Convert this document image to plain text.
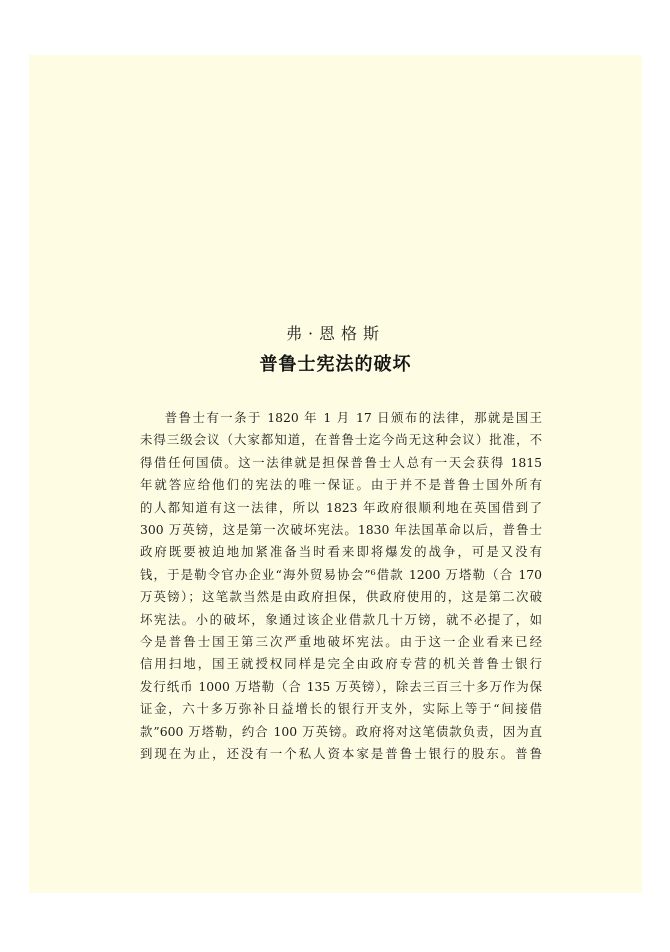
弗·恩格斯
普鲁士宪法的破坏
普鲁士有一条于 1820 年 1 月 17 日颁布的法律，那就是国王
未得三级会议（大家都知道，在普鲁士迄今尚无这种会议）批准，不
得借任何国债。这一法律就是担保普鲁士人总有一天会获得 1815
年就答应给他们的宪法的唯一保证。由于并不是普鲁士国外所有
的人都知道有这一法律，所以 1823 年政府很顺利地在英国借到了
300 万英镑，这是第一次破坏宪法。1830 年法国革命以后，普鲁士
政府既要被迫地加紧准备当时看来即将爆发的战争，可是又没有
钱，于是勒令官办企业“海外贸易协会”⁶借款 1200 万塔勒（合 170
万英镑）；这笔款当然是由政府担保，供政府使用的，这是第二次破
坏宪法。小的破坏，象通过该企业借款几十万镑，就不必提了，如
今是普鲁士国王第三次严重地破坏宪法。由于这一企业看来已经
信用扫地，国王就授权同样是完全由政府专营的机关普鲁士银行
发行纸币 1000 万塔勒（合 135 万英镑），除去三百三十多万作为保
证金，六十多万弥补日益增长的银行开支外，实际上等于“间接借
款”600 万塔勒，约合 100 万英镑。政府将对这笔债款负责，因为直
到现在为止，还没有一个私人资本家是普鲁士银行的股东。普鲁
